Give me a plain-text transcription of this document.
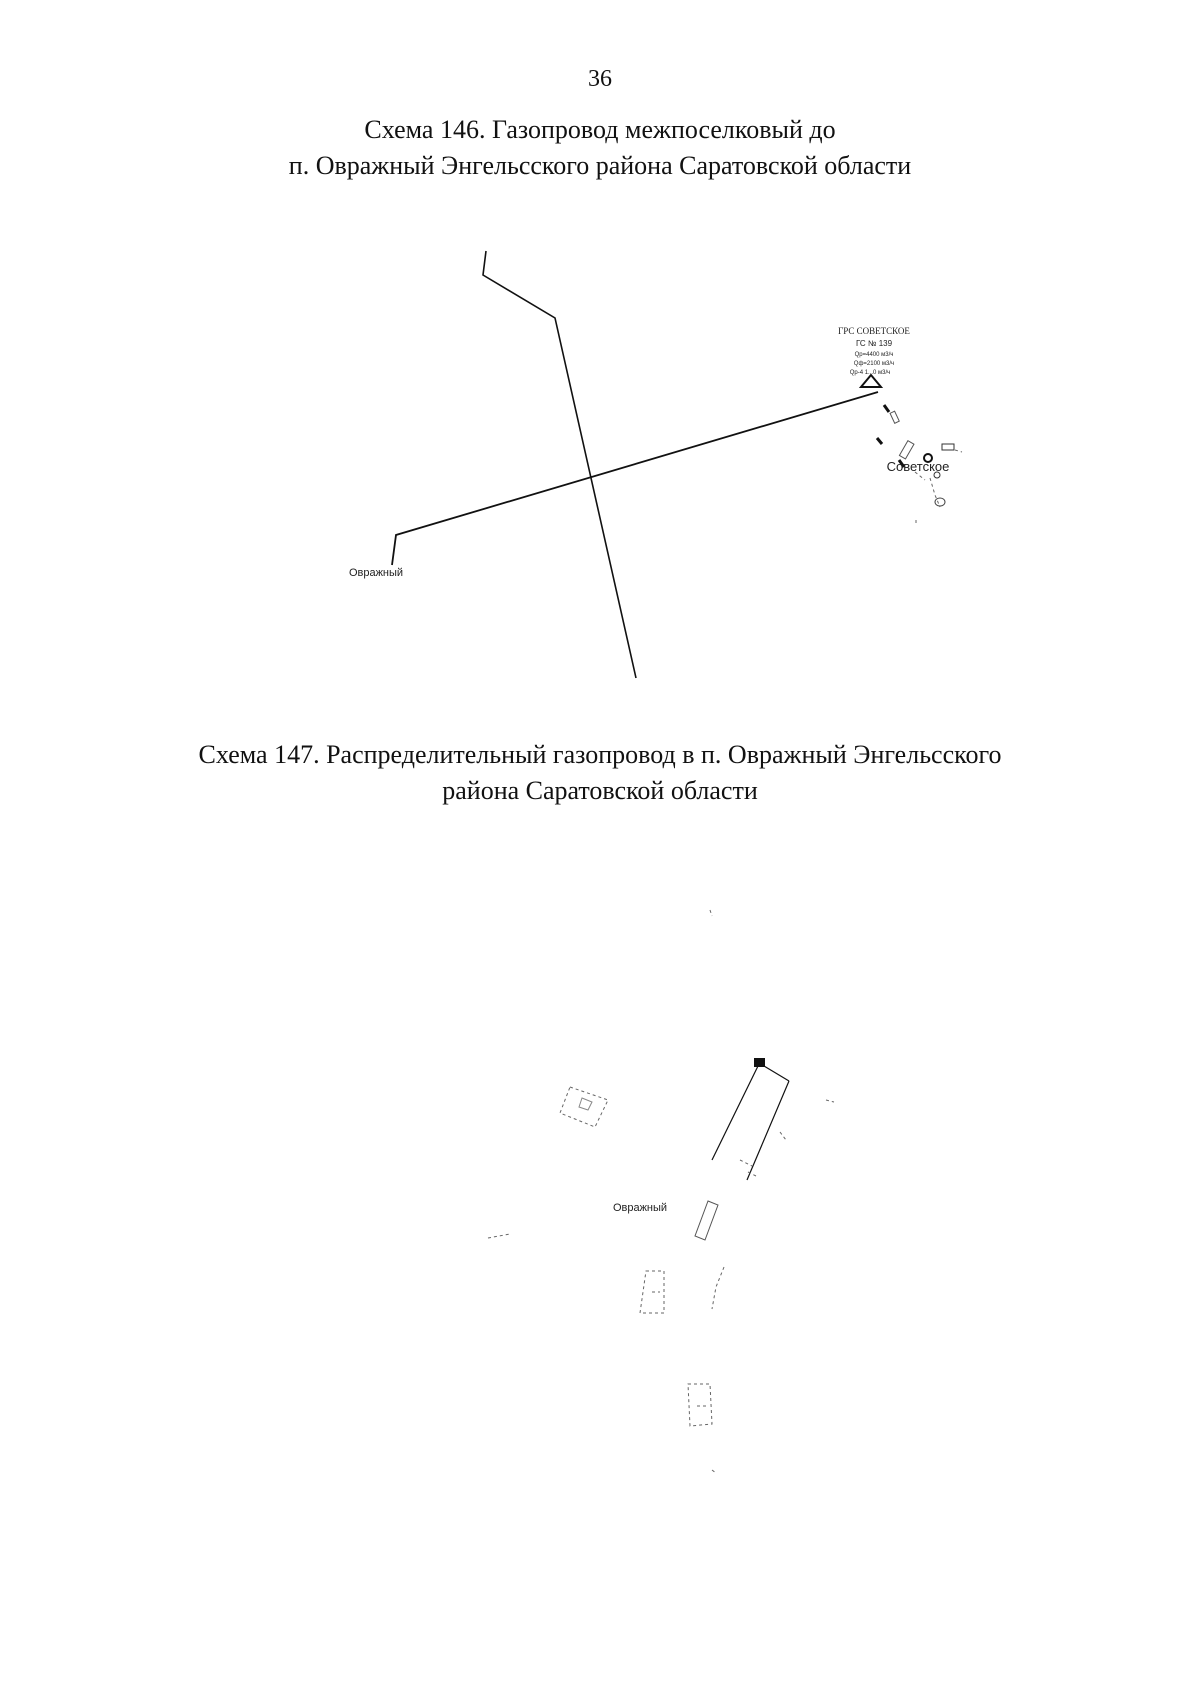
36
Схема 146. Газопровод межпоселковый до
п. Овражный Энгельсского района Саратовской области
ГРС СОВЕТСКОЕ
ГС № 139
Qp=4400 м3/ч
Qф=2100 м3/ч
Qр-4 1...0 м3/ч
Советское
Овражный
Схема 147. Распределительный газопровод в п. Овражный Энгельсского
района Саратовской области
Овражный
